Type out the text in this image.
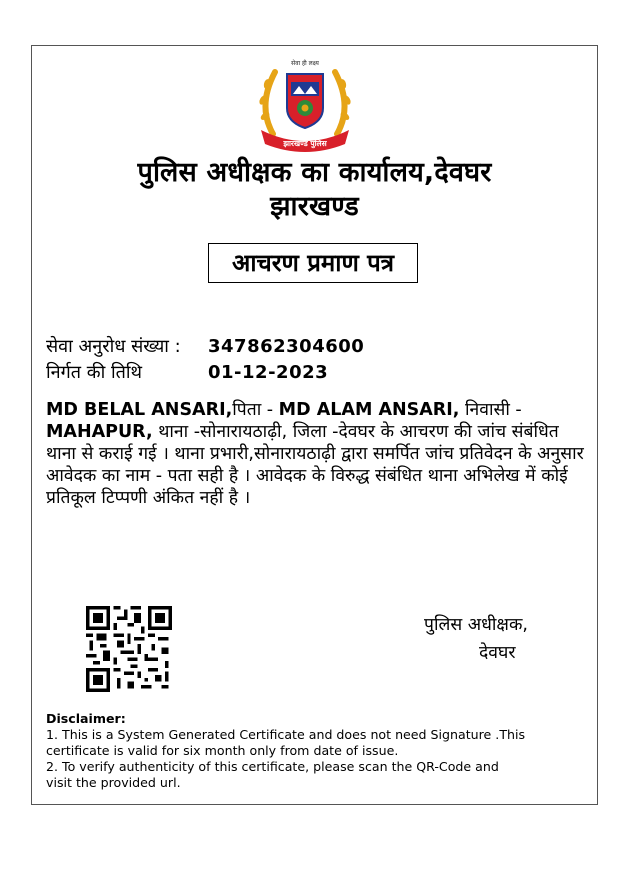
सेवा ही लक्ष्य
झारखण्ड पुलिस
पुलिस अधीक्षक का कार्यालय,देवघर
झारखण्ड
आचरण प्रमाण पत्र
सेवा अनुरोध संख्या : 347862304600
निर्गत की तिथि	01-12-2023
MD BELAL ANSARI,पिता - MD ALAM ANSARI, निवासी - MAHAPUR, थाना -सोनारायठाढ़ी, जिला -देवघर के आचरण की जांच संबंधित थाना से कराई गई । थाना प्रभारी,सोनारायठाढ़ी द्वारा समर्पित जांच प्रतिवेदन के अनुसार आवेदक का नाम - पता सही है । आवेदक के विरुद्ध संबंधित थाना अभिलेख में कोई प्रतिकूल टिप्पणी अंकित नहीं है ।
पुलिस अधीक्षक,
देवघर
Disclaimer:
1. This is a System Generated Certificate and does not need Signature .This
certificate is valid for six month only from date of issue.
2. To verify authenticity of this certificate, please scan the QR-Code and
visit the provided url.
